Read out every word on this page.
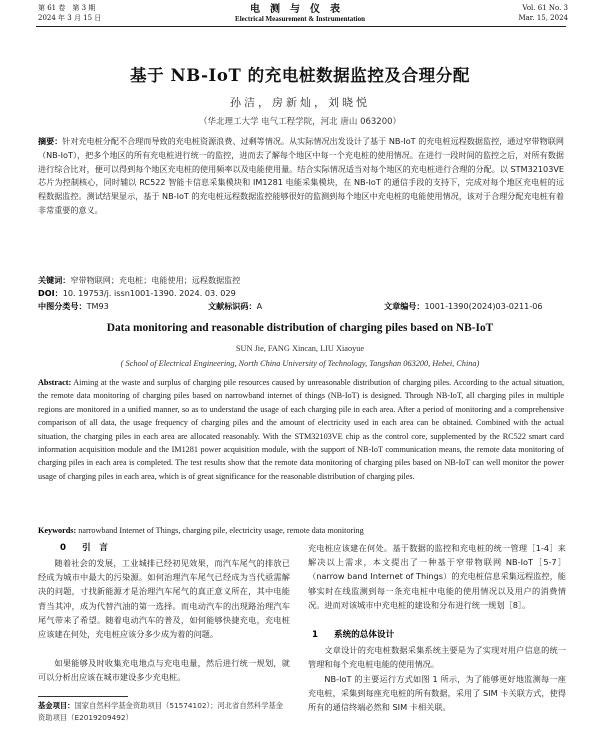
第 61 卷　第 3 期
2024 年 3 月 15 日
电测与仪表
Electrical Measurement & Instrumentation
Vol. 61 No. 3
Mar. 15, 2024
基于 NB-IoT 的充电桩数据监控及合理分配
孙洁，房新灿，刘晓悦
（华北理工大学 电气工程学院，河北 唐山 063200）
摘要：针对充电桩分配不合理而导致的充电桩资源浪费、过剩等情况。从实际情况出发设计了基于 NB-IoT 的充电桩远程数据监控，通过窄带物联网（NB-IoT），把多个地区的所有充电桩进行统一的监控，进而去了解每个地区中每一个充电桩的使用情况。在进行一段时间的监控之后，对所有数据进行综合比对，便可以得到每个地区充电桩的使用频率以及电能使用量。结合实际情况适当对每个地区的充电桩进行合理的分配。以 STM32103VE 芯片为控制核心，同时辅以 RC522 智能卡信息采集模块和 IM1281 电能采集模块，在 NB-IoT 的通信手段的支持下，完成对每个地区充电桩的远程数据监控。测试结果显示，基于 NB-IoT 的充电桩远程数据监控能够很好的监测到每个地区中充电桩的电能使用情况，该对于合理分配充电桩有着非常重要的意义。
关键词：窄带物联网；充电桩；电能使用；远程数据监控
DOI：10. 19753/j. issn1001-1390. 2024. 03. 029
中图分类号：TM93	文献标识码：A	文章编号：1001-1390(2024)03-0211-06
Data monitoring and reasonable distribution of charging piles based on NB-IoT
SUN Jie, FANG Xincan, LIU Xiaoyue
( School of Electrical Engineering, North China University of Technology, Tangshan 063200, Hebei, China)
Abstract: Aiming at the waste and surplus of charging pile resources caused by unreasonable distribution of charging piles. According to the actual situation, the remote data monitoring of charging piles based on narrowband internet of things (NB-IoT) is designed. Through NB-IoT, all charging piles in multiple regions are monitored in a unified manner, so as to understand the usage of each charging pile in each area. After a period of monitoring and a comprehensive comparison of all data, the usage frequency of charging piles and the amount of electricity used in each area can be obtained. Combined with the actual situation, the charging piles in each area are allocated reasonably. With the STM32103VE chip as the control core, supplemented by the RC522 smart card information acquisition module and the IM1281 power acquisition module, with the support of NB-IoT communication means, the remote data monitoring of charging piles in each area is completed. The test results show that the remote data monitoring of charging piles based on NB-IoT can well monitor the power usage of charging piles in each area, which is of great significance for the reasonable distribution of charging piles.
Keywords: narrowband Internet of Things, charging pile, electricity usage, remote data monitoring
0 引　言
随着社会的发展，工业城排已经初见效果，而汽车尾气的排放已经成为城市中最大的污染源。如何治理汽车尾气已经成为当代亟需解决的问题，寸找新能源才是治理汽车尾气的真正意义所在，其中电能背当其冲，成为代替汽油的第一选择。而电动汽车的出现路治理汽车尾气带来了希望。随着电动汽车的普及，如何能够快捷充电，充电桩应该建在何处，充电桩应该分多少成为着的问题。
如果能够及时收集充电地点与充电电量，然后进行统一规划，就可以分析出应该在城市建设多少充电桩。
基金项目：国家自然科学基金资助项目（51574102）；河北省自然科学基金资助项目（E2019209492）
充电桩应该建在何处。基于数据的监控和充电桩的统一管理［1-4］来解决以上需求，本文提出了一种基于窄带物联网 NB-IoT［5-7］（narrow band Internet of Things）的充电桩信息采集远程监控，能够实时在线监测到每一条充电桩中电能的使用情况以及用户的消费情况。进而对该城市中充电桩的建设和分布进行统一规划［8］。
1 系统的总体设计
文章设计的充电桩数据采集系统主要是为了实现对用户信息的统一管理和每个充电桩电能的使用情况。
NB-IoT 的主要运行方式如图 1 所示，为了能够更好地监测每一座充电桩，采集到每座充电桩的所有数据，采用了 SIM 卡关联方式，使得所有的通信终端必然和 SIM 卡相关联。
